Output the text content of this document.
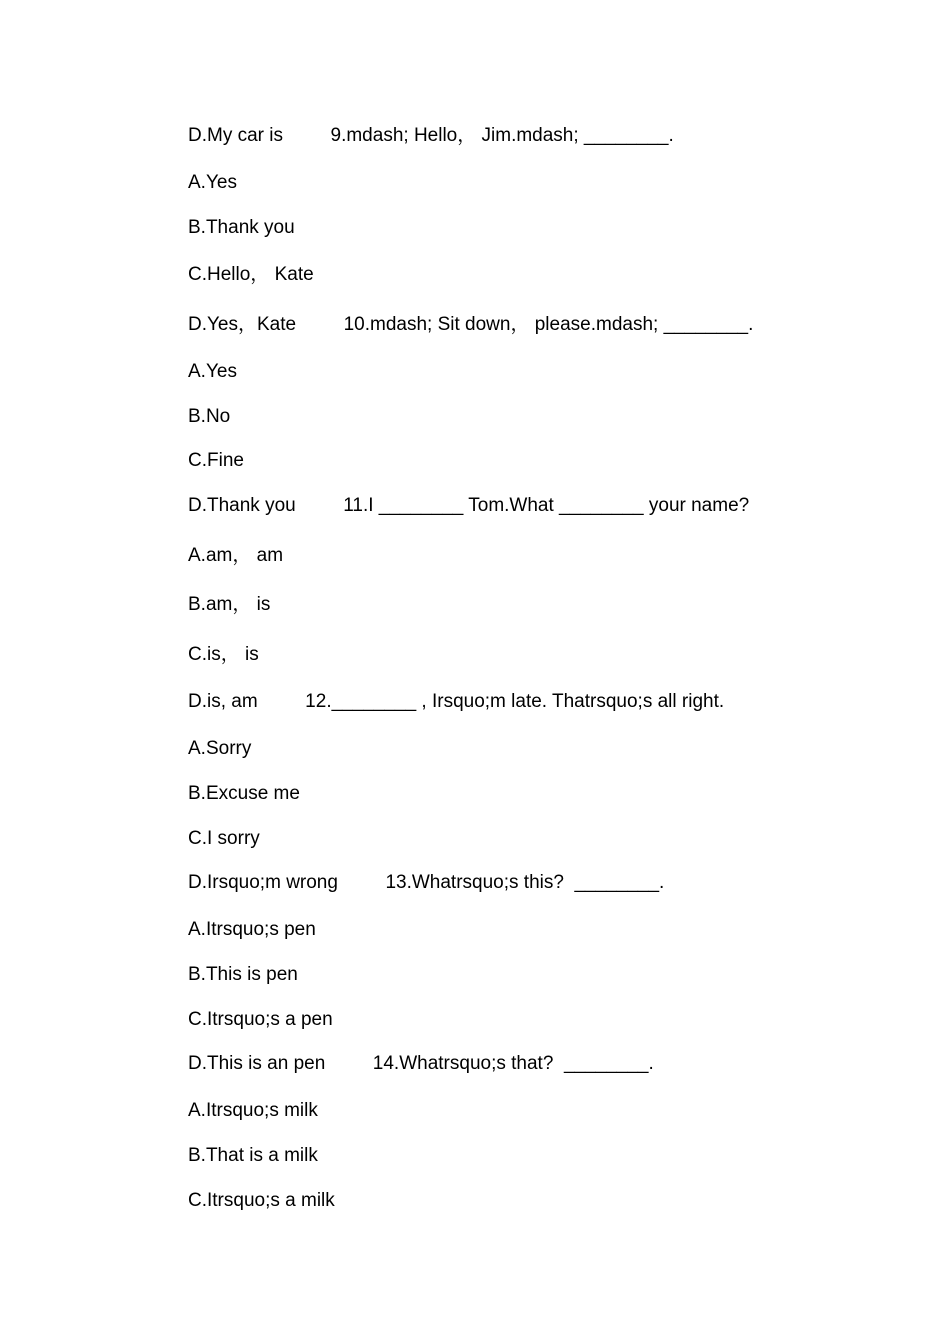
D.My car is         9.mdash; Hello， Jim.mdash; ________.
A.Yes
B.Thank you
C.Hello， Kate
D.Yes，Kate         10.mdash; Sit down， please.mdash; ________.
A.Yes
B.No
C.Fine
D.Thank you         11.I ________ Tom.What ________ your name?
A.am， am
B.am， is
C.is， is
D.is, am         12.________ , Irsquo;m late. Thatrsquo;s all right.
A.Sorry
B.Excuse me
C.I sorry
D.Irsquo;m wrong         13.Whatrsquo;s this?  ________.
A.Itrsquo;s pen
B.This is pen
C.Itrsquo;s a pen
D.This is an pen         14.Whatrsquo;s that?  ________.
A.Itrsquo;s milk
B.That is a milk
C.Itrsquo;s a milk
